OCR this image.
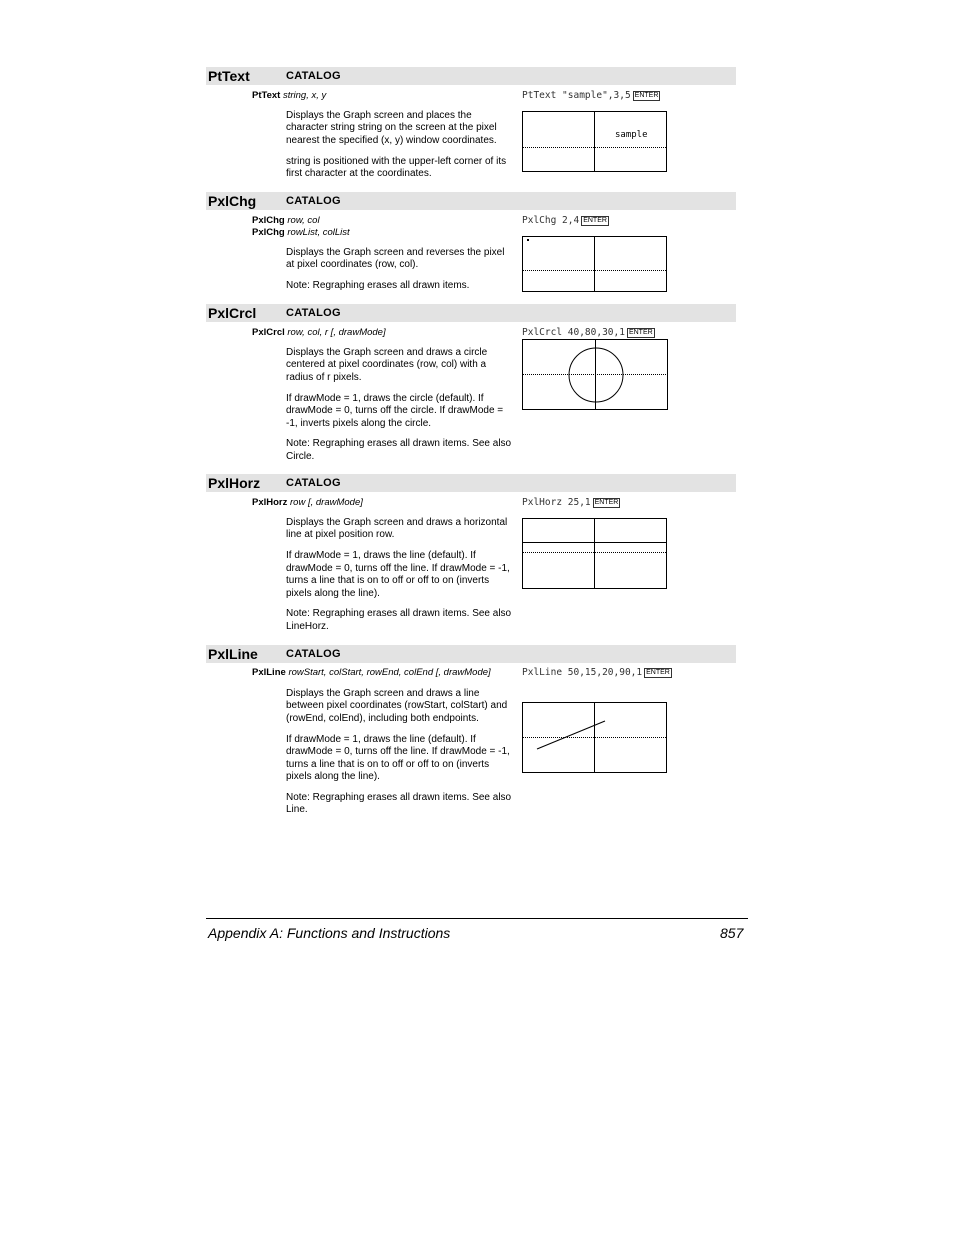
PtText	CATALOG
PtText string, x, y	PtText "sample",3,5 ENTER

Displays the Graph screen and places the character string string on the screen at the pixel nearest the specified (x, y) window coordinates.

string is positioned with the upper-left corner of its first character at the coordinates.

sample
PxlChg	CATALOG
PxlChg row, col
PxlChg rowList, colList
PxlChg 2,4 ENTER

Displays the Graph screen and reverses the pixel at pixel coordinates (row, col).

Note: Regraphing erases all drawn items.

PxlCrcl	CATALOG
PxlCrcl row, col, r [, drawMode]	PxlCrcl 40,80,30,1 ENTER

Displays the Graph screen and draws a circle centered at pixel coordinates (row, col) with a radius of r pixels.

If drawMode = 1, draws the circle (default). If drawMode = 0, turns off the circle. If drawMode = -1, inverts pixels along the circle.

Note: Regraphing erases all drawn items. See also Circle.

PxlHorz CATALOG
PxlHorz row [, drawMode]	PxlHorz 25,1 ENTER

Displays the Graph screen and draws a horizontal line at pixel position row.

If drawMode = 1, draws the line (default). If drawMode = 0, turns off the line. If drawMode = -1, turns a line that is on to off or off to on (inverts pixels along the line).

Note: Regraphing erases all drawn items. See also LineHorz.

PxlLine	CATALOG
PxlLine rowStart, colStart, rowEnd, colEnd [, drawMode]	PxlLine 50,15,20,90,1 ENTER

Displays the Graph screen and draws a line between pixel coordinates (rowStart, colStart) and (rowEnd, colEnd), including both endpoints.

If drawMode = 1, draws the line (default). If drawMode = 0, turns off the line. If drawMode = -1, turns a line that is on to off or off to on (inverts pixels along the line).

Note: Regraphing erases all drawn items. See also Line.

Appendix A: Functions and Instructions	857
